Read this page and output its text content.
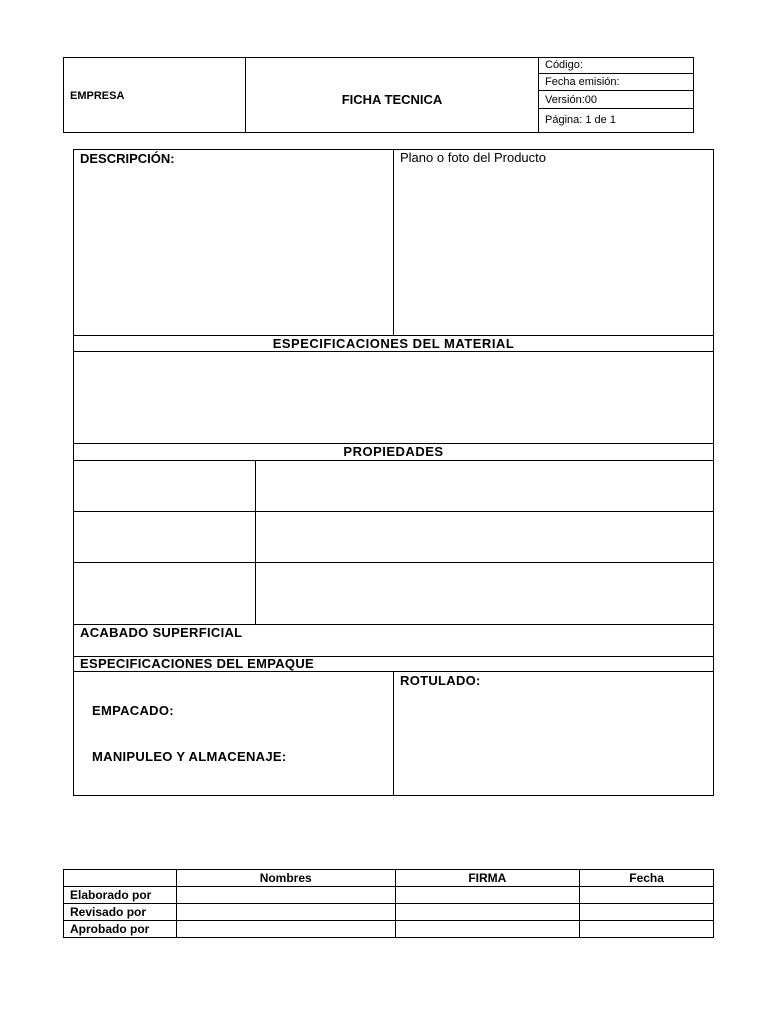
EMPRESA	FICHA TECNICA
Código:
Fecha emisión:
Versión:00
Página: 1 de 1
DESCRIPCIÓN:	Plano o foto del Producto
ESPECIFICACIONES DEL MATERIAL
PROPIEDADES
ACABADO SUPERFICIAL
ESPECIFICACIONES DEL EMPAQUE
EMPACADO:
MANIPULEO Y ALMACENAJE:
ROTULADO:
	Nombres	FIRMA	Fecha
Elaborado por			
Revisado por			
Aprobado por			
